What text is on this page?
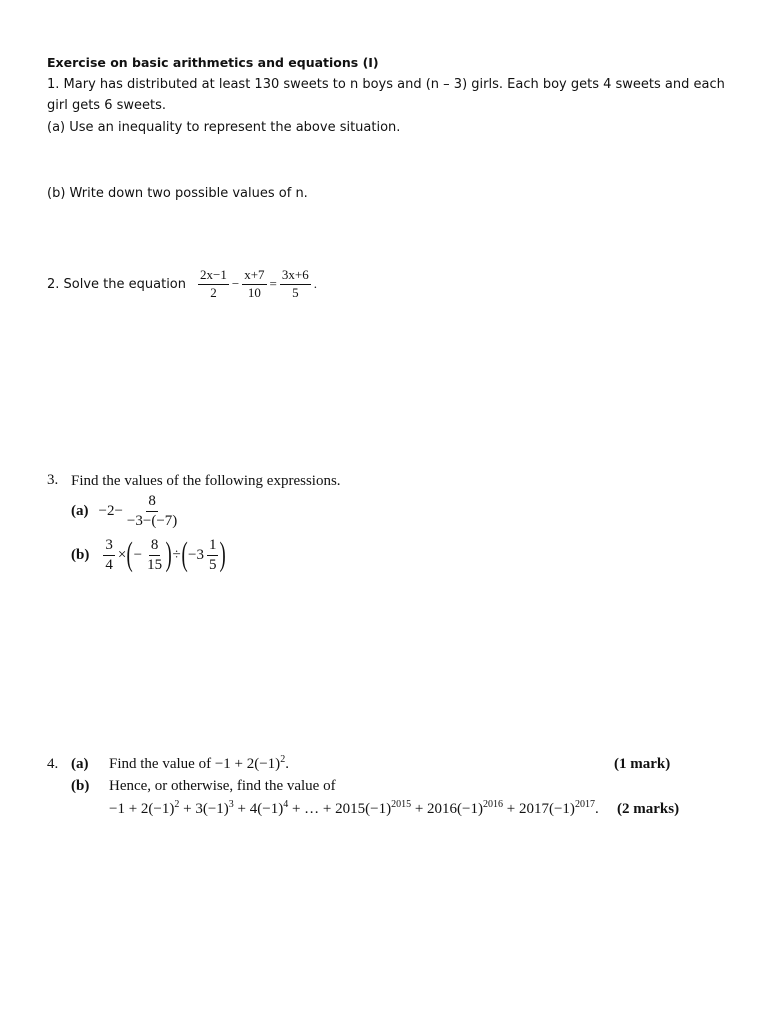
Exercise on basic arithmetics and equations (I)
1. Mary has distributed at least 130 sweets to n boys and (n – 3) girls. Each boy gets 4 sweets and each
girl gets 6 sweets.
(a) Use an inequality to represent the above situation.
(b) Write down two possible values of n.
2. Solve the equation $\frac{2x-1}{2} - \frac{x+7}{10} = \frac{3x+6}{5}$ .
3. Find the values of the following expressions.
$(a) -2- \frac{8}{-3-(-7)}$
$(b) \frac{3}{4}$ × ( − $\frac{8}{15}$ ) ÷ ( $-3 \frac{1}{5}$ )
4. (a) Find the value of $-1 + 2(-1)^2$.	(1 mark)
(b) Hence, or otherwise, find the value of
$-1 + 2(-1)^2 + 3(-1)^3 + 4(-1)^4$ + … + $2015(-1)^{2015} + 2016(-1)^{2016} + 2017(-1)^{2017}$. (2 marks)
